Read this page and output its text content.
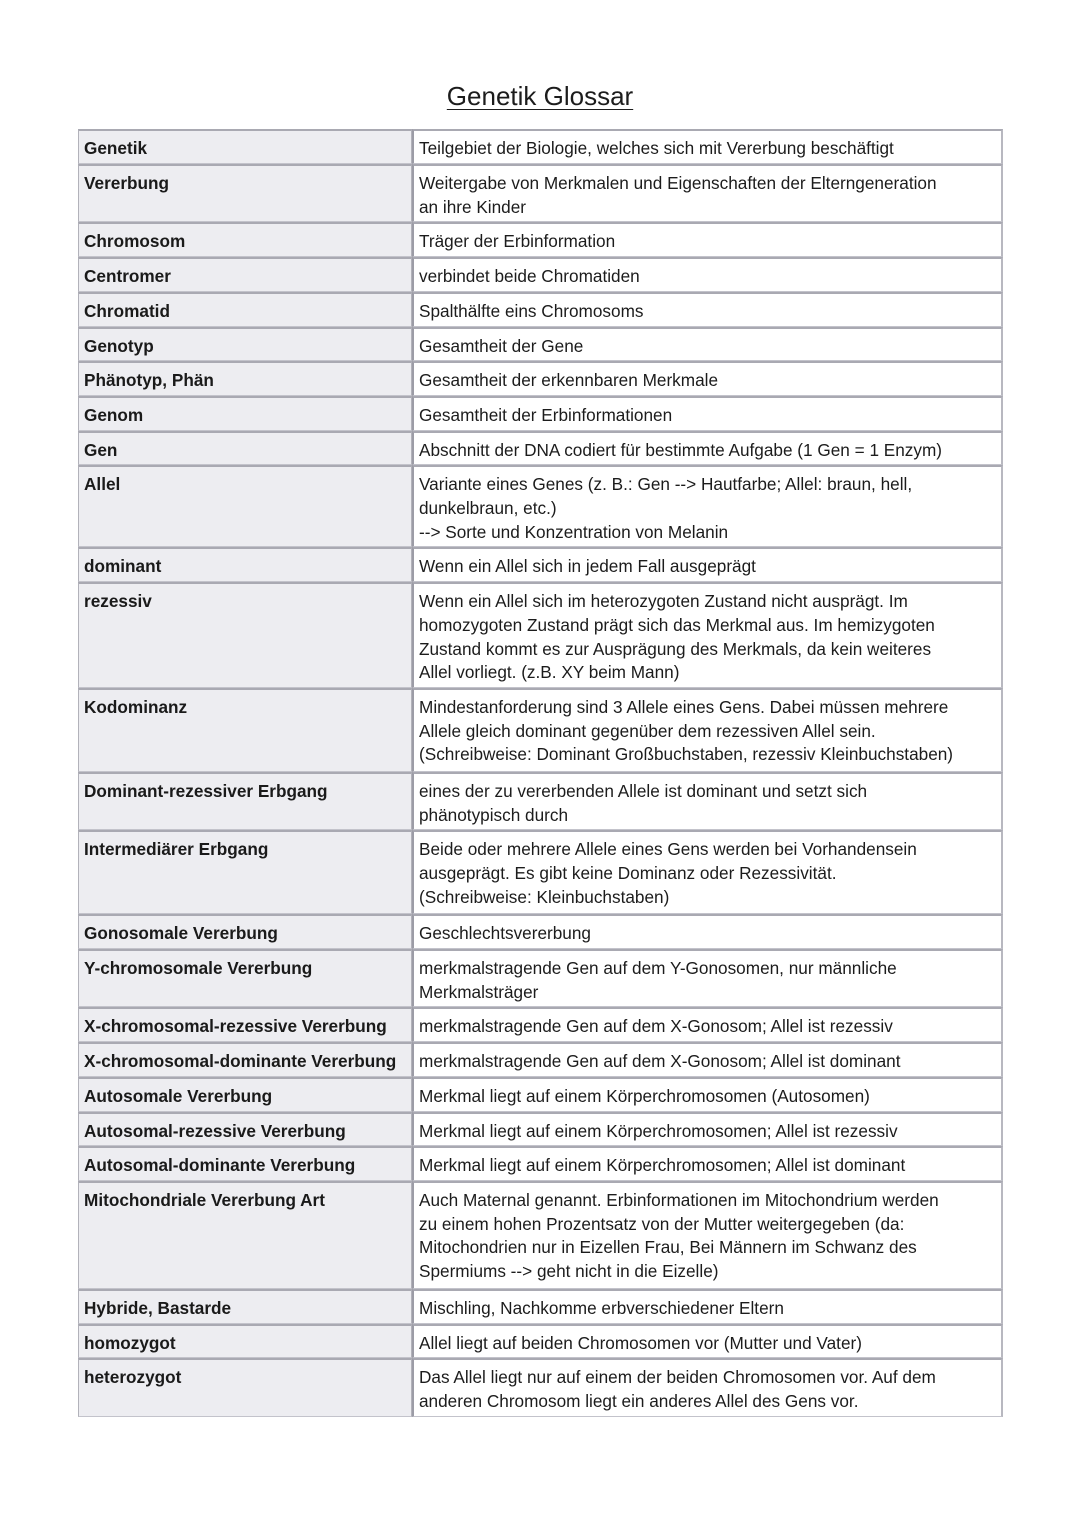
Genetik Glossar
Genetik	Teilgebiet der Biologie, welches sich mit Vererbung beschäftigt
Vererbung	Weitergabe von Merkmalen und Eigenschaften der Elterngeneration
an ihre Kinder
Chromosom	Träger der Erbinformation
Centromer	verbindet beide Chromatiden
Chromatid	Spalthälfte eins Chromosoms
Genotyp	Gesamtheit der Gene
Phänotyp, Phän	Gesamtheit der erkennbaren Merkmale
Genom	Gesamtheit der Erbinformationen
Gen	Abschnitt der DNA codiert für bestimmte Aufgabe (1 Gen = 1 Enzym)
Allel	Variante eines Genes (z. B.: Gen --> Hautfarbe; Allel: braun, hell,
dunkelbraun, etc.)
--> Sorte und Konzentration von Melanin
dominant	Wenn ein Allel sich in jedem Fall ausgeprägt
rezessiv	Wenn ein Allel sich im heterozygoten Zustand nicht ausprägt. Im
homozygoten Zustand prägt sich das Merkmal aus. Im hemizygoten
Zustand kommt es zur Ausprägung des Merkmals, da kein weiteres
Allel vorliegt. (z.B. XY beim Mann)
Kodominanz	Mindestanforderung sind 3 Allele eines Gens. Dabei müssen mehrere
Allele gleich dominant gegenüber dem rezessiven Allel sein.
(Schreibweise: Dominant Großbuchstaben, rezessiv Kleinbuchstaben)
Dominant-rezessiver Erbgang	eines der zu vererbenden Allele ist dominant und setzt sich
phänotypisch durch
Intermediärer Erbgang	Beide oder mehrere Allele eines Gens werden bei Vorhandensein
ausgeprägt. Es gibt keine Dominanz oder Rezessivität.
(Schreibweise: Kleinbuchstaben)
Gonosomale Vererbung	Geschlechtsvererbung
Y-chromosomale Vererbung	merkmalstragende Gen auf dem Y-Gonosomen, nur männliche
Merkmalsträger
X-chromosomal-rezessive Vererbung	merkmalstragende Gen auf dem X-Gonosom; Allel ist rezessiv
X-chromosomal-dominante Vererbung	merkmalstragende Gen auf dem X-Gonosom; Allel ist dominant
Autosomale Vererbung	Merkmal liegt auf einem Körperchromosomen (Autosomen)
Autosomal-rezessive Vererbung	Merkmal liegt auf einem Körperchromosomen; Allel ist rezessiv
Autosomal-dominante Vererbung	Merkmal liegt auf einem Körperchromosomen; Allel ist dominant
Mitochondriale Vererbung Art	Auch Maternal genannt. Erbinformationen im Mitochondrium werden
zu einem hohen Prozentsatz von der Mutter weitergegeben (da:
Mitochondrien nur in Eizellen Frau, Bei Männern im Schwanz des
Spermiums --> geht nicht in die Eizelle)
Hybride, Bastarde	Mischling, Nachkomme erbverschiedener Eltern
homozygot	Allel liegt auf beiden Chromosomen vor (Mutter und Vater)
heterozygot	Das Allel liegt nur auf einem der beiden Chromosomen vor. Auf dem
anderen Chromosom liegt ein anderes Allel des Gens vor.
